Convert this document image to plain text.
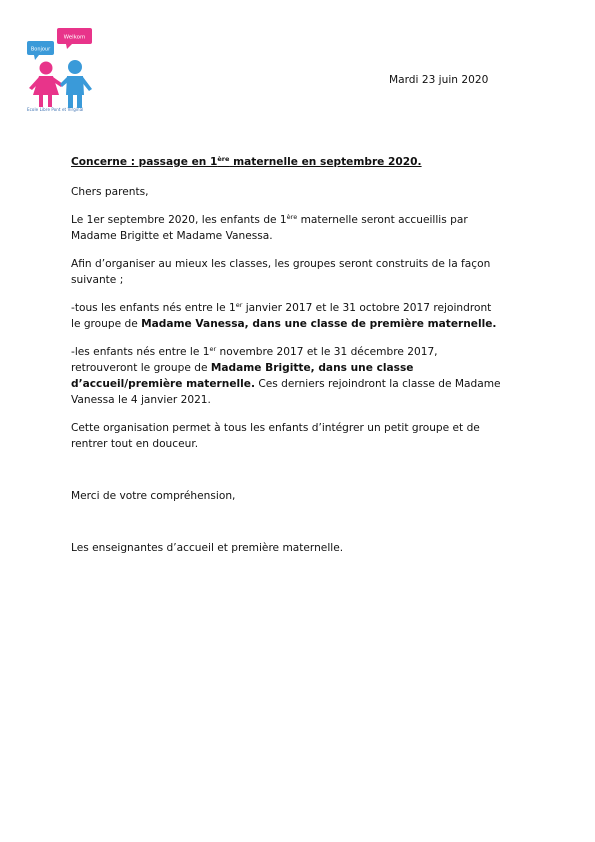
Bonjour
Welkom
Ecole Libre Pont et Virginal
Mardi 23 juin 2020

Concerne : passage en 1ère maternelle en septembre 2020.

Chers parents,

Le 1er septembre 2020, les enfants de 1ère maternelle seront accueillis par
Madame Brigitte et Madame Vanessa.

Afin d’organiser au mieux les classes, les groupes seront construits de la façon
suivante ;

-tous les enfants nés entre le 1er janvier 2017 et le 31 octobre 2017 rejoindront
le groupe de Madame Vanessa, dans une classe de première maternelle.

-les enfants nés entre le 1er novembre 2017 et le 31 décembre 2017,
retrouveront le groupe de Madame Brigitte, dans une classe
d’accueil/première maternelle. Ces derniers rejoindront la classe de Madame
Vanessa le 4 janvier 2021.

Cette organisation permet à tous les enfants d’intégrer un petit groupe et de
rentrer tout en douceur.

Merci de votre compréhension,

Les enseignantes d’accueil et première maternelle.
